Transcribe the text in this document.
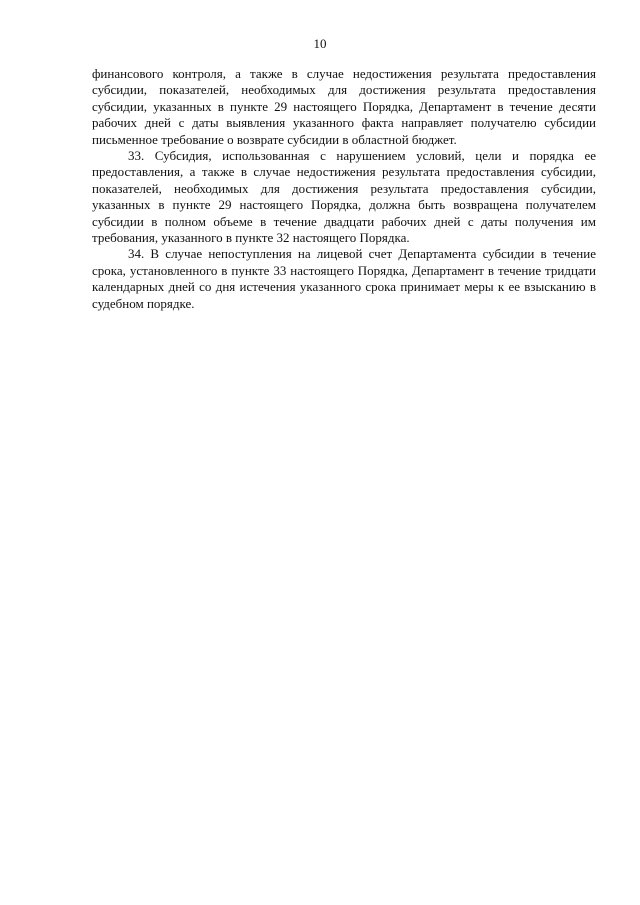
10

финансового контроля, а также в случае недостижения результата предоставления субсидии, показателей, необходимых для достижения результата предоставления субсидии, указанных в пункте 29 настоящего Порядка, Департамент в течение десяти рабочих дней с даты выявления указанного факта направляет получателю субсидии письменное требование о возврате субсидии в областной бюджет.

33. Субсидия, использованная с нарушением условий, цели и порядка ее предоставления, а также в случае недостижения результата предоставления субсидии, показателей, необходимых для достижения результата предоставления субсидии, указанных в пункте 29 настоящего Порядка, должна быть возвращена получателем субсидии в полном объеме в течение двадцати рабочих дней с даты получения им требования, указанного в пункте 32 настоящего Порядка.

34. В случае непоступления на лицевой счет Департамента субсидии в течение срока, установленного в пункте 33 настоящего Порядка, Департамент в течение тридцати календарных дней со дня истечения указанного срока принимает меры к ее взысканию в судебном порядке.
